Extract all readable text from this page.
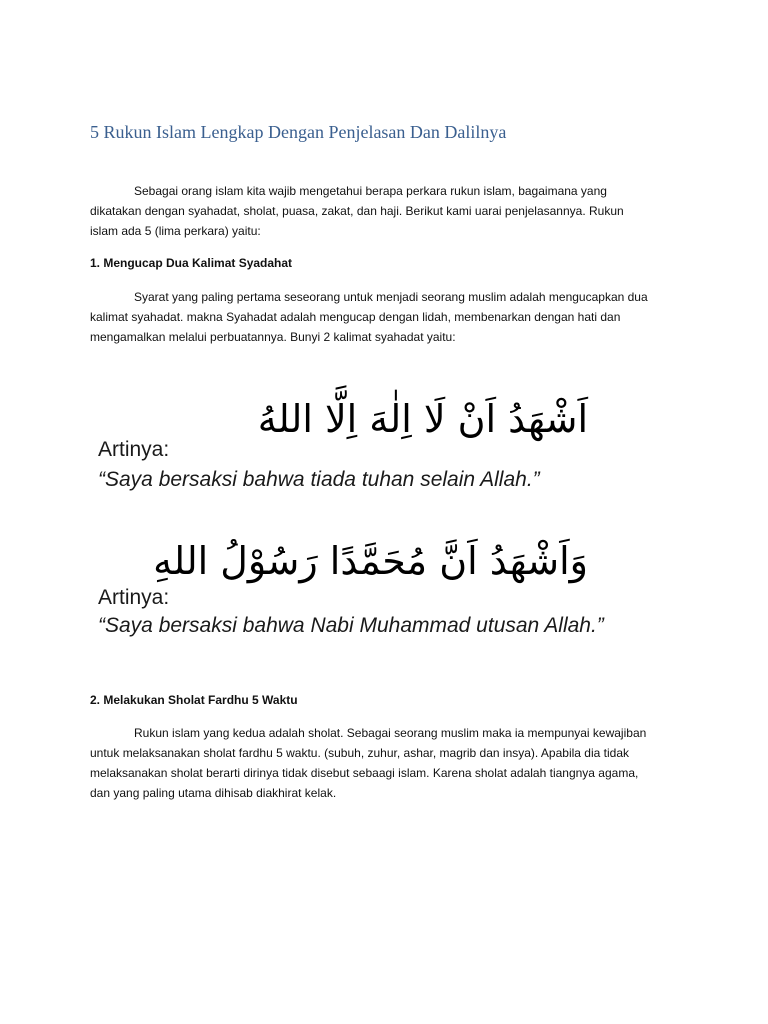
5 Rukun Islam Lengkap Dengan Penjelasan Dan Dalilnya
Sebagai orang islam kita wajib mengetahui berapa perkara rukun islam, bagaimana yang
dikatakan dengan syahadat, sholat, puasa, zakat, dan haji. Berikut kami uarai penjelasannya. Rukun
islam ada 5 (lima perkara) yaitu:
1. Mengucap Dua Kalimat Syadahat
Syarat yang paling pertama seseorang untuk menjadi seorang muslim adalah mengucapkan dua
kalimat syahadat. makna Syahadat adalah mengucap dengan lidah, membenarkan dengan hati dan
mengamalkan melalui perbuatannya. Bunyi 2 kalimat syahadat yaitu:
اَشْهَدُ اَنْ لَا اِلٰهَ اِلَّا اللهُ
Artinya:
“Saya bersaksi bahwa tiada tuhan selain Allah.”
وَاَشْهَدُ اَنَّ مُحَمَّدًا رَسُوْلُ اللهِ
Artinya:
“Saya bersaksi bahwa Nabi Muhammad utusan Allah.”
2. Melakukan Sholat Fardhu 5 Waktu
Rukun islam yang kedua adalah sholat. Sebagai seorang muslim maka ia mempunyai kewajiban
untuk melaksanakan sholat fardhu 5 waktu. (subuh, zuhur, ashar, magrib dan insya). Apabila dia tidak
melaksanakan sholat berarti dirinya tidak disebut sebaagi islam. Karena sholat adalah tiangnya agama,
dan yang paling utama dihisab diakhirat kelak.
